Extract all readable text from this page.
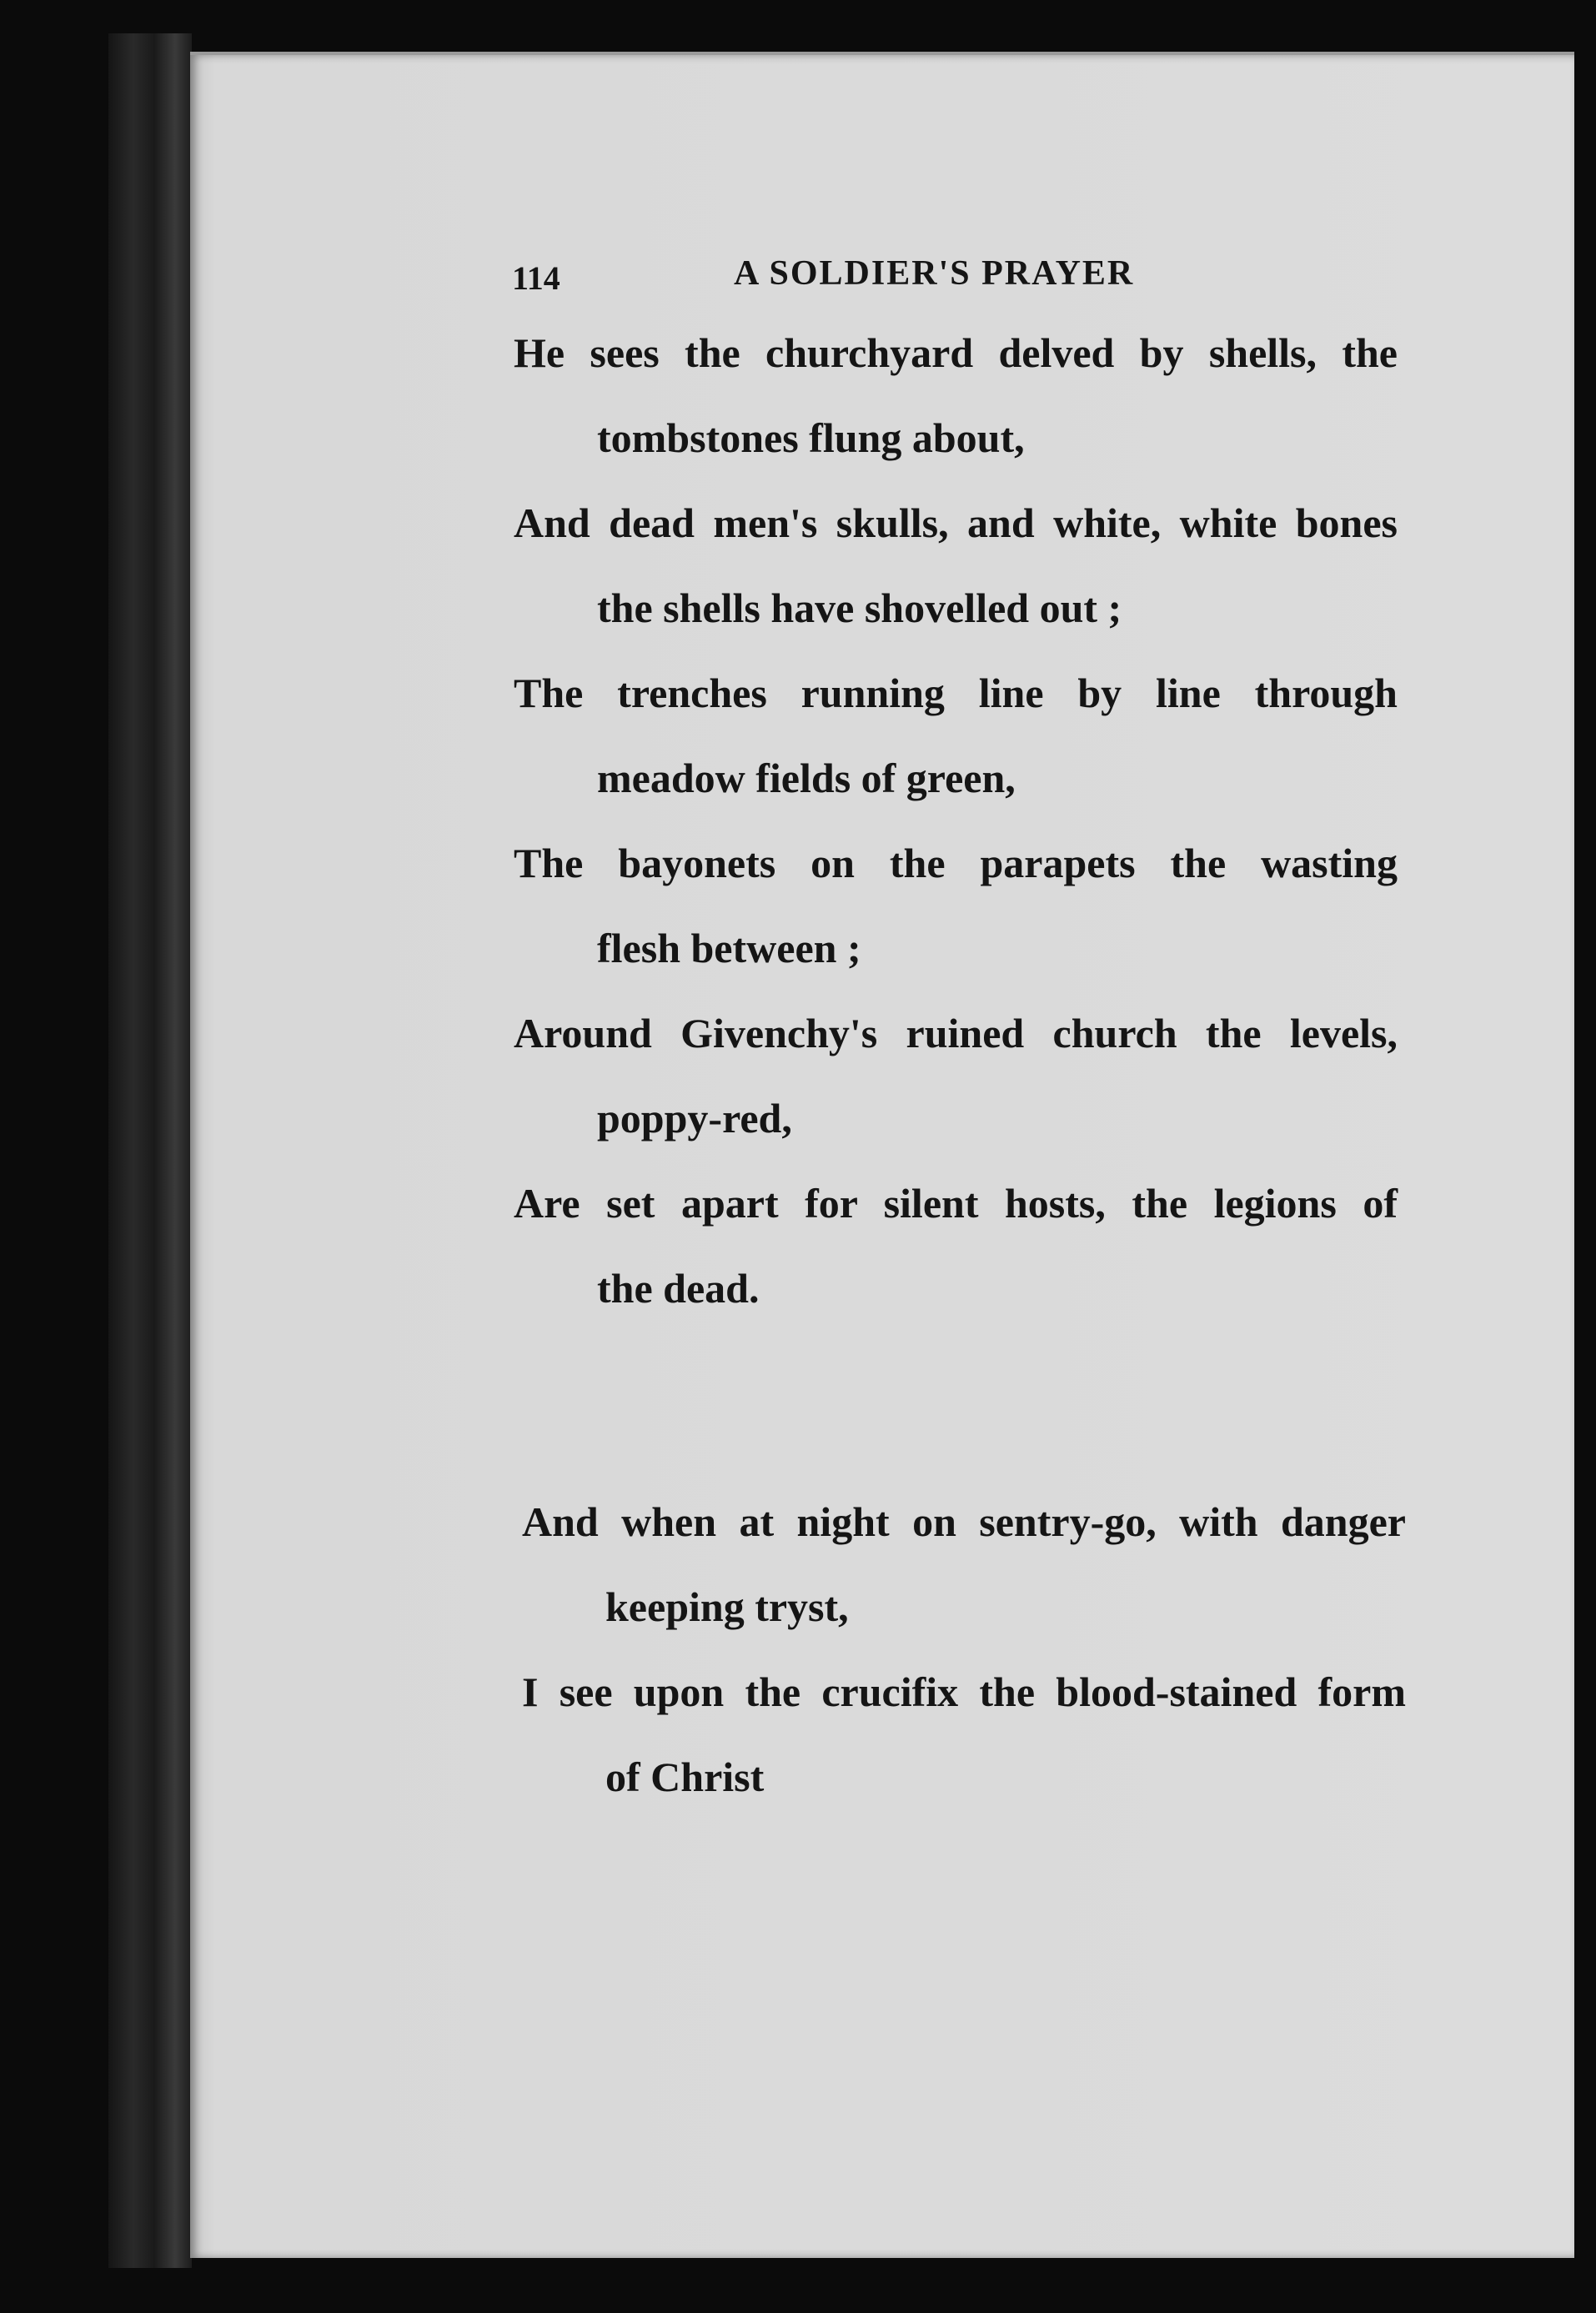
114	A SOLDIER'S PRAYER
He sees the churchyard delved by shells, the
tombstones flung about,
And dead men's skulls, and white, white bones
the shells have shovelled out ;
The trenches running line by line through
meadow fields of green,
The bayonets on the parapets the wasting
flesh between ;
Around Givenchy's ruined church the levels,
poppy-red,
Are set apart for silent hosts, the legions of
the dead.
And when at night on sentry-go, with danger
keeping tryst,
I see upon the crucifix the blood-stained form
of Christ
